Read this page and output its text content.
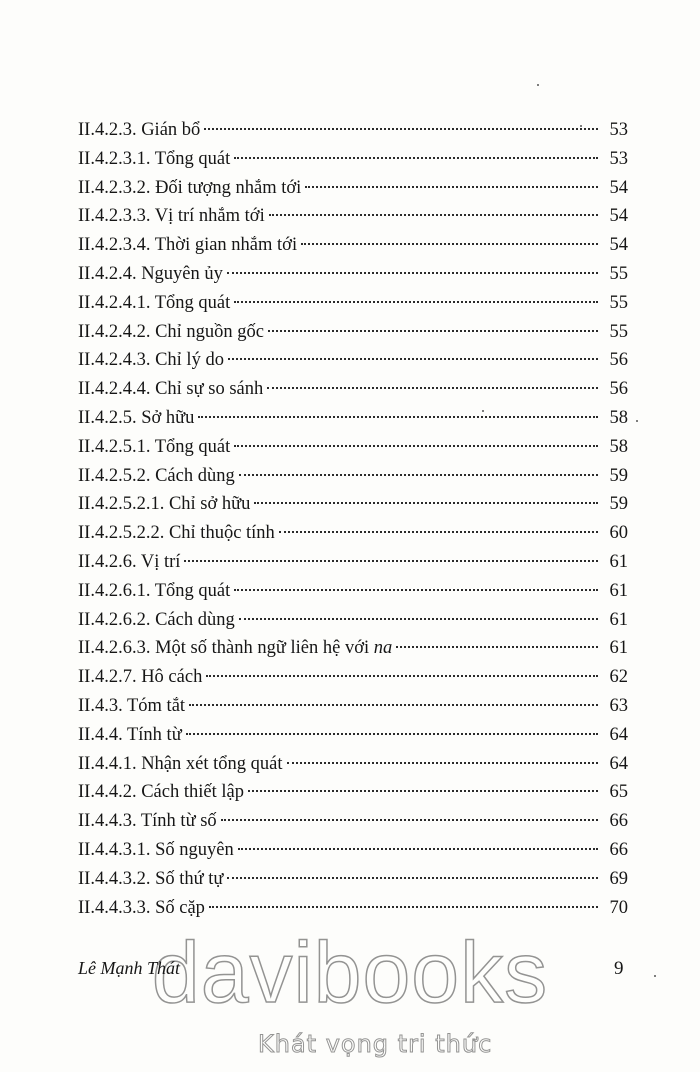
II.4.2.3. Gián bổ	53
II.4.2.3.1. Tổng quát	53
II.4.2.3.2. Đối tượng nhắm tới	54
II.4.2.3.3. Vị trí nhắm tới	54
II.4.2.3.4. Thời gian nhắm tới	54
II.4.2.4. Nguyên ủy	55
II.4.2.4.1. Tổng quát	55
II.4.2.4.2. Chỉ nguồn gốc	55
II.4.2.4.3. Chỉ lý do	56
II.4.2.4.4. Chỉ sự so sánh	56
II.4.2.5. Sở hữu	58
II.4.2.5.1. Tổng quát	58
II.4.2.5.2. Cách dùng	59
II.4.2.5.2.1. Chỉ sở hữu	59
II.4.2.5.2.2. Chỉ thuộc tính	60
II.4.2.6. Vị trí	61
II.4.2.6.1. Tổng quát	61
II.4.2.6.2. Cách dùng	61
II.4.2.6.3. Một số thành ngữ liên hệ với na	61
II.4.2.7. Hô cách	62
II.4.3. Tóm tắt	63
II.4.4. Tính từ	64
II.4.4.1. Nhận xét tổng quát	64
II.4.4.2. Cách thiết lập	65
II.4.4.3. Tính từ số	66
II.4.4.3.1. Số nguyên	66
II.4.4.3.2. Số thứ tự	69
II.4.4.3.3. Số cặp	70
davibooks
Khát vọng tri thức
Lê Mạnh Thát	9
